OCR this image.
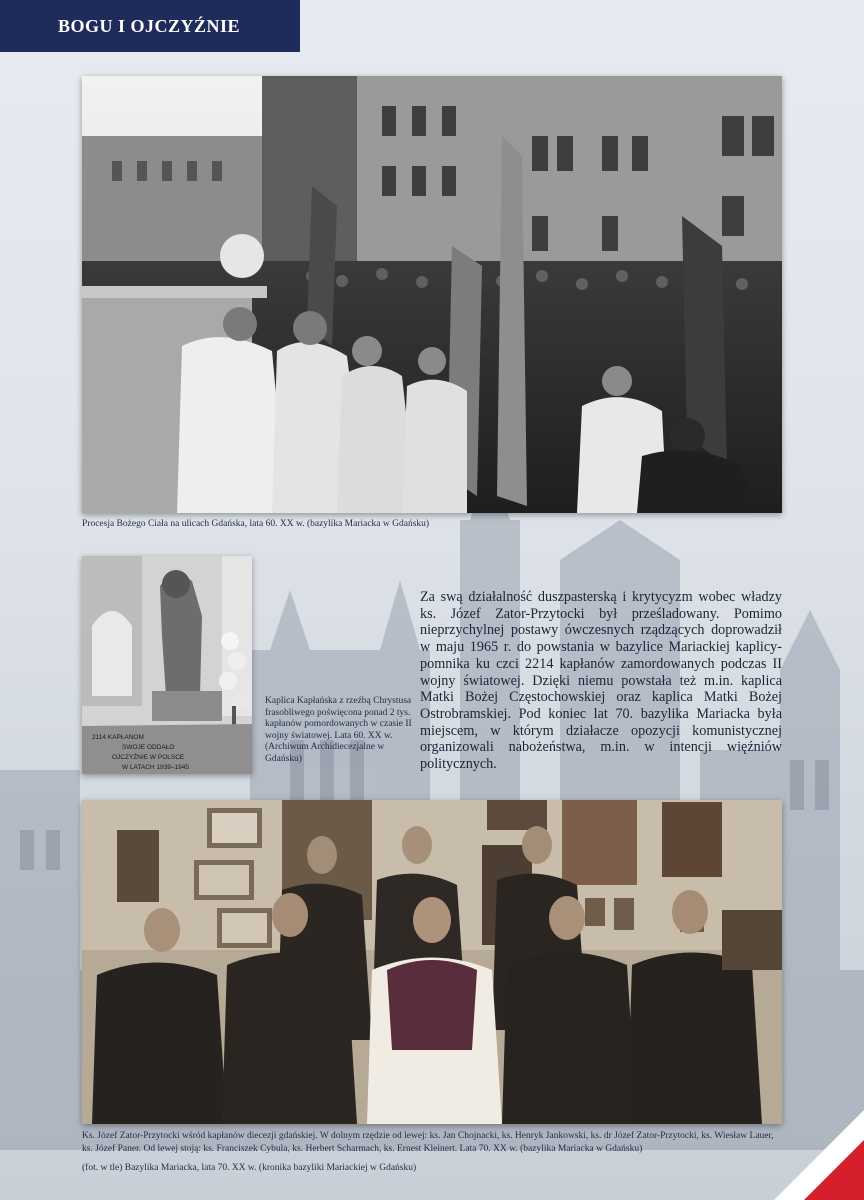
BOGU I OJCZYŹNIE
Procesja Bożego Ciała na ulicach Gdańska, lata 60. XX w. (bazylika Mariacka w Gdańsku)
2114 KAPŁANOM
SWOJE ODDAŁO
OJCZYŹNIE W POLSCE
W LATACH 1939–1945
Kaplica Kapłańska z rzeźbą Chrystusa frasobliwego poświęcona ponad 2 tys. kapłanów pomordowanych w czasie II wojny światowej. Lata 60. XX w. (Archiwum Archidiecezjalne w Gdańsku)
Za swą działalność duszpasterską i krytycyzm wobec władzy ks. Józef Zator-Przytocki był prześladowany. Pomimo nieprzychylnej postawy ówczesnych rządzących doprowadził w maju 1965 r. do powstania w bazylice Mariackiej kaplicy-pomnika ku czci 2214 kapłanów zamordowanych podczas II wojny światowej. Dzięki niemu powstała też m.in. kaplica Matki Bożej Częstochowskiej oraz kaplica Matki Bożej Ostrobramskiej. Pod koniec lat 70. bazylika Mariacka była miejscem, w którym działacze opozycji komunistycznej organizowali nabożeństwa, m.in. w intencji więźniów politycznych.
Ks. Józef Zator-Przytocki wśród kapłanów diecezji gdańskiej. W dolnym rzędzie od lewej: ks. Jan Chojnacki, ks. Henryk Jankowski, ks. dr Józef Zator-Przytocki, ks. Wiesław Lauer, ks. Józef Paner. Od lewej stoją: ks. Franciszek Cybula, ks. Herbert Scharmach, ks. Ernest Kleinert. Lata 70. XX w. (bazylika Mariacka w Gdańsku)
(fot. w tle) Bazylika Mariacka, lata 70. XX w. (kronika bazyliki Mariackiej w Gdańsku)
